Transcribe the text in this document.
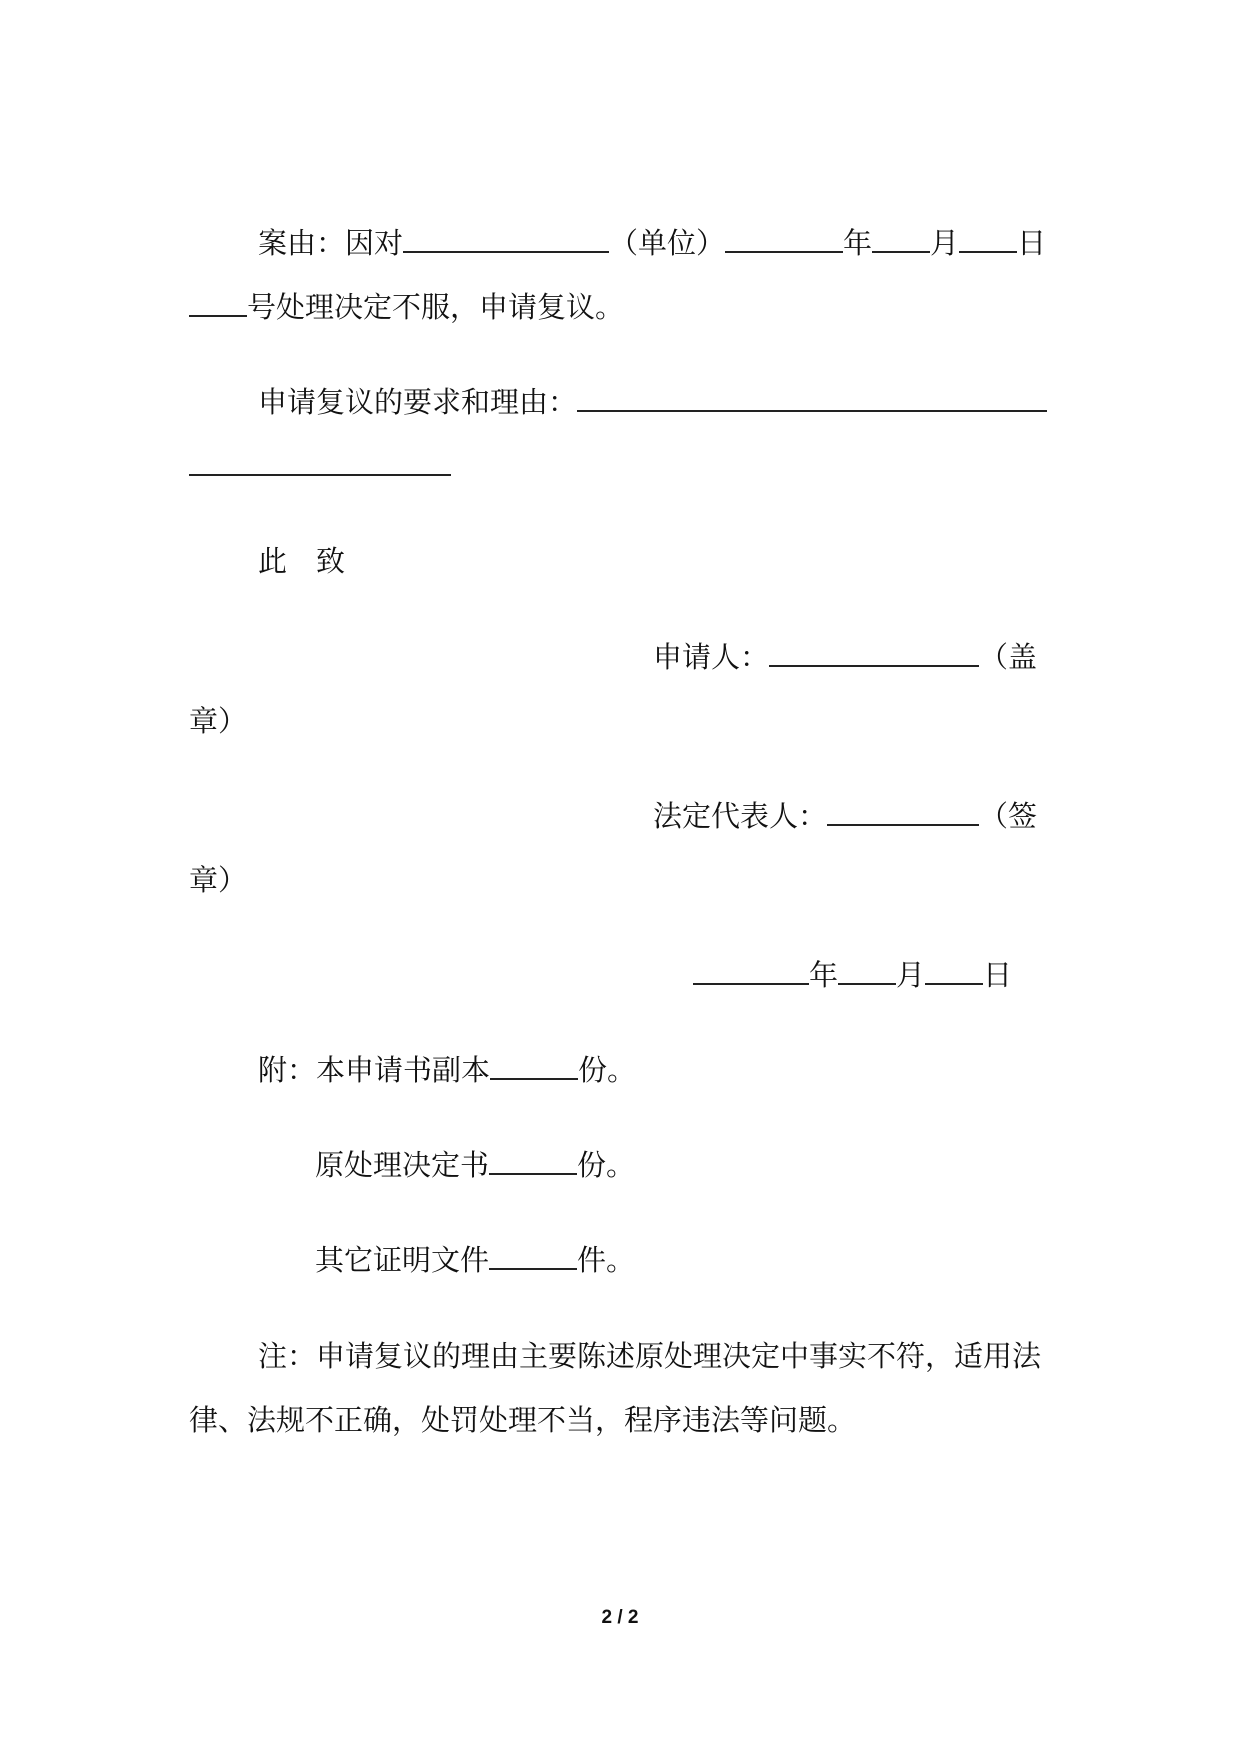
案由：因对	（单位）	年 月 日
号处理决定不服，申请复议。
申请复议的要求和理由：
此致
申请人：	（盖
章）
法定代表人：	（签
章）
年 月 日
附：本申请书副本	份。
原处理决定书	份。
其它证明文件	件。
注：申请复议的理由主要陈述原处理决定中事实不符，适用法
律、法规不正确，处罚处理不当，程序违法等问题。
2 / 2
